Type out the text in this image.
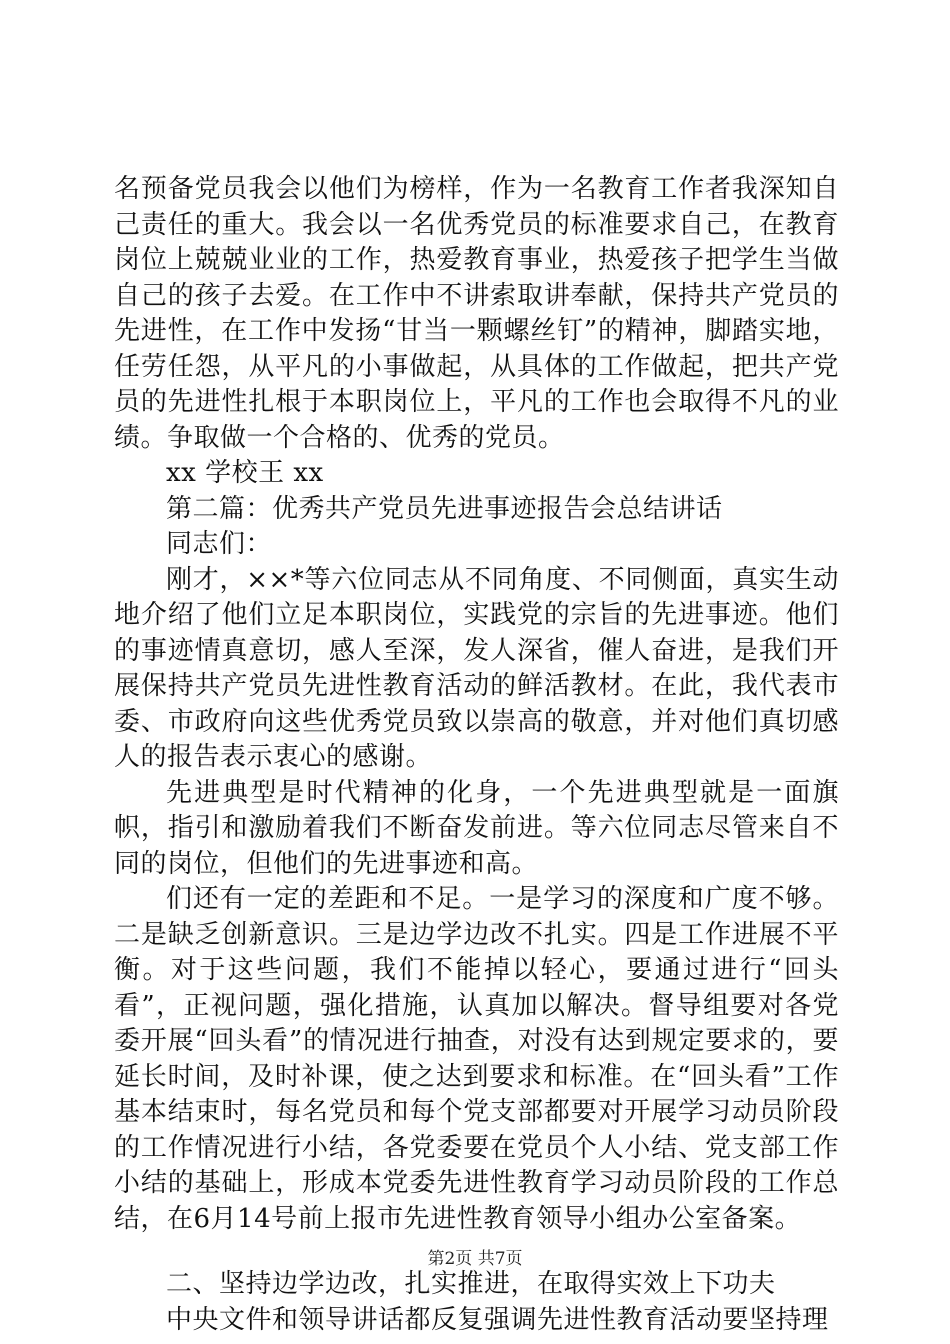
名预备党员我会以他们为榜样，作为一名教育工作者我深知自己责任的重大。我会以一名优秀党员的标准要求自己，在教育岗位上兢兢业业的工作，热爱教育事业，热爱孩子把学生当做自己的孩子去爱。在工作中不讲索取讲奉献，保持共产党员的先进性，在工作中发扬“甘当一颗螺丝钉”的精神，脚踏实地，任劳任怨，从平凡的小事做起，从具体的工作做起，把共产党员的先进性扎根于本职岗位上，平凡的工作也会取得不凡的业绩。争取做一个合格的、优秀的党员。

xx 学校王 xx

第二篇：优秀共产党员先进事迹报告会总结讲话

同志们：

刚才，××*等六位同志从不同角度、不同侧面，真实生动地介绍了他们立足本职岗位，实践党的宗旨的先进事迹。他们的事迹情真意切，感人至深，发人深省，催人奋进，是我们开展保持共产党员先进性教育活动的鲜活教材。在此，我代表市委、市政府向这些优秀党员致以崇高的敬意，并对他们真切感人的报告表示衷心的感谢。

先进典型是时代精神的化身，一个先进典型就是一面旗帜，指引和激励着我们不断奋发前进。等六位同志尽管来自不同的岗位，但他们的先进事迹和高。

们还有一定的差距和不足。一是学习的深度和广度不够。二是缺乏创新意识。三是边学边改不扎实。四是工作进展不平衡。对于这些问题，我们不能掉以轻心，要通过进行“回头看”，正视问题，强化措施，认真加以解决。督导组要对各党委开展“回头看”的情况进行抽查，对没有达到规定要求的，要延长时间，及时补课，使之达到要求和标准。在“回头看”工作基本结束时，每名党员和每个党支部都要对开展学习动员阶段的工作情况进行小结，各党委要在党员个人小结、党支部工作小结的基础上，形成本党委先进性教育学习动员阶段的工作总结，在6月14号前上报市先进性教育领导小组办公室备案。

二、坚持边学边改，扎实推进，在取得实效上下功夫

中央文件和领导讲话都反复强调先进性教育活动要坚持理

第2页 共7页
